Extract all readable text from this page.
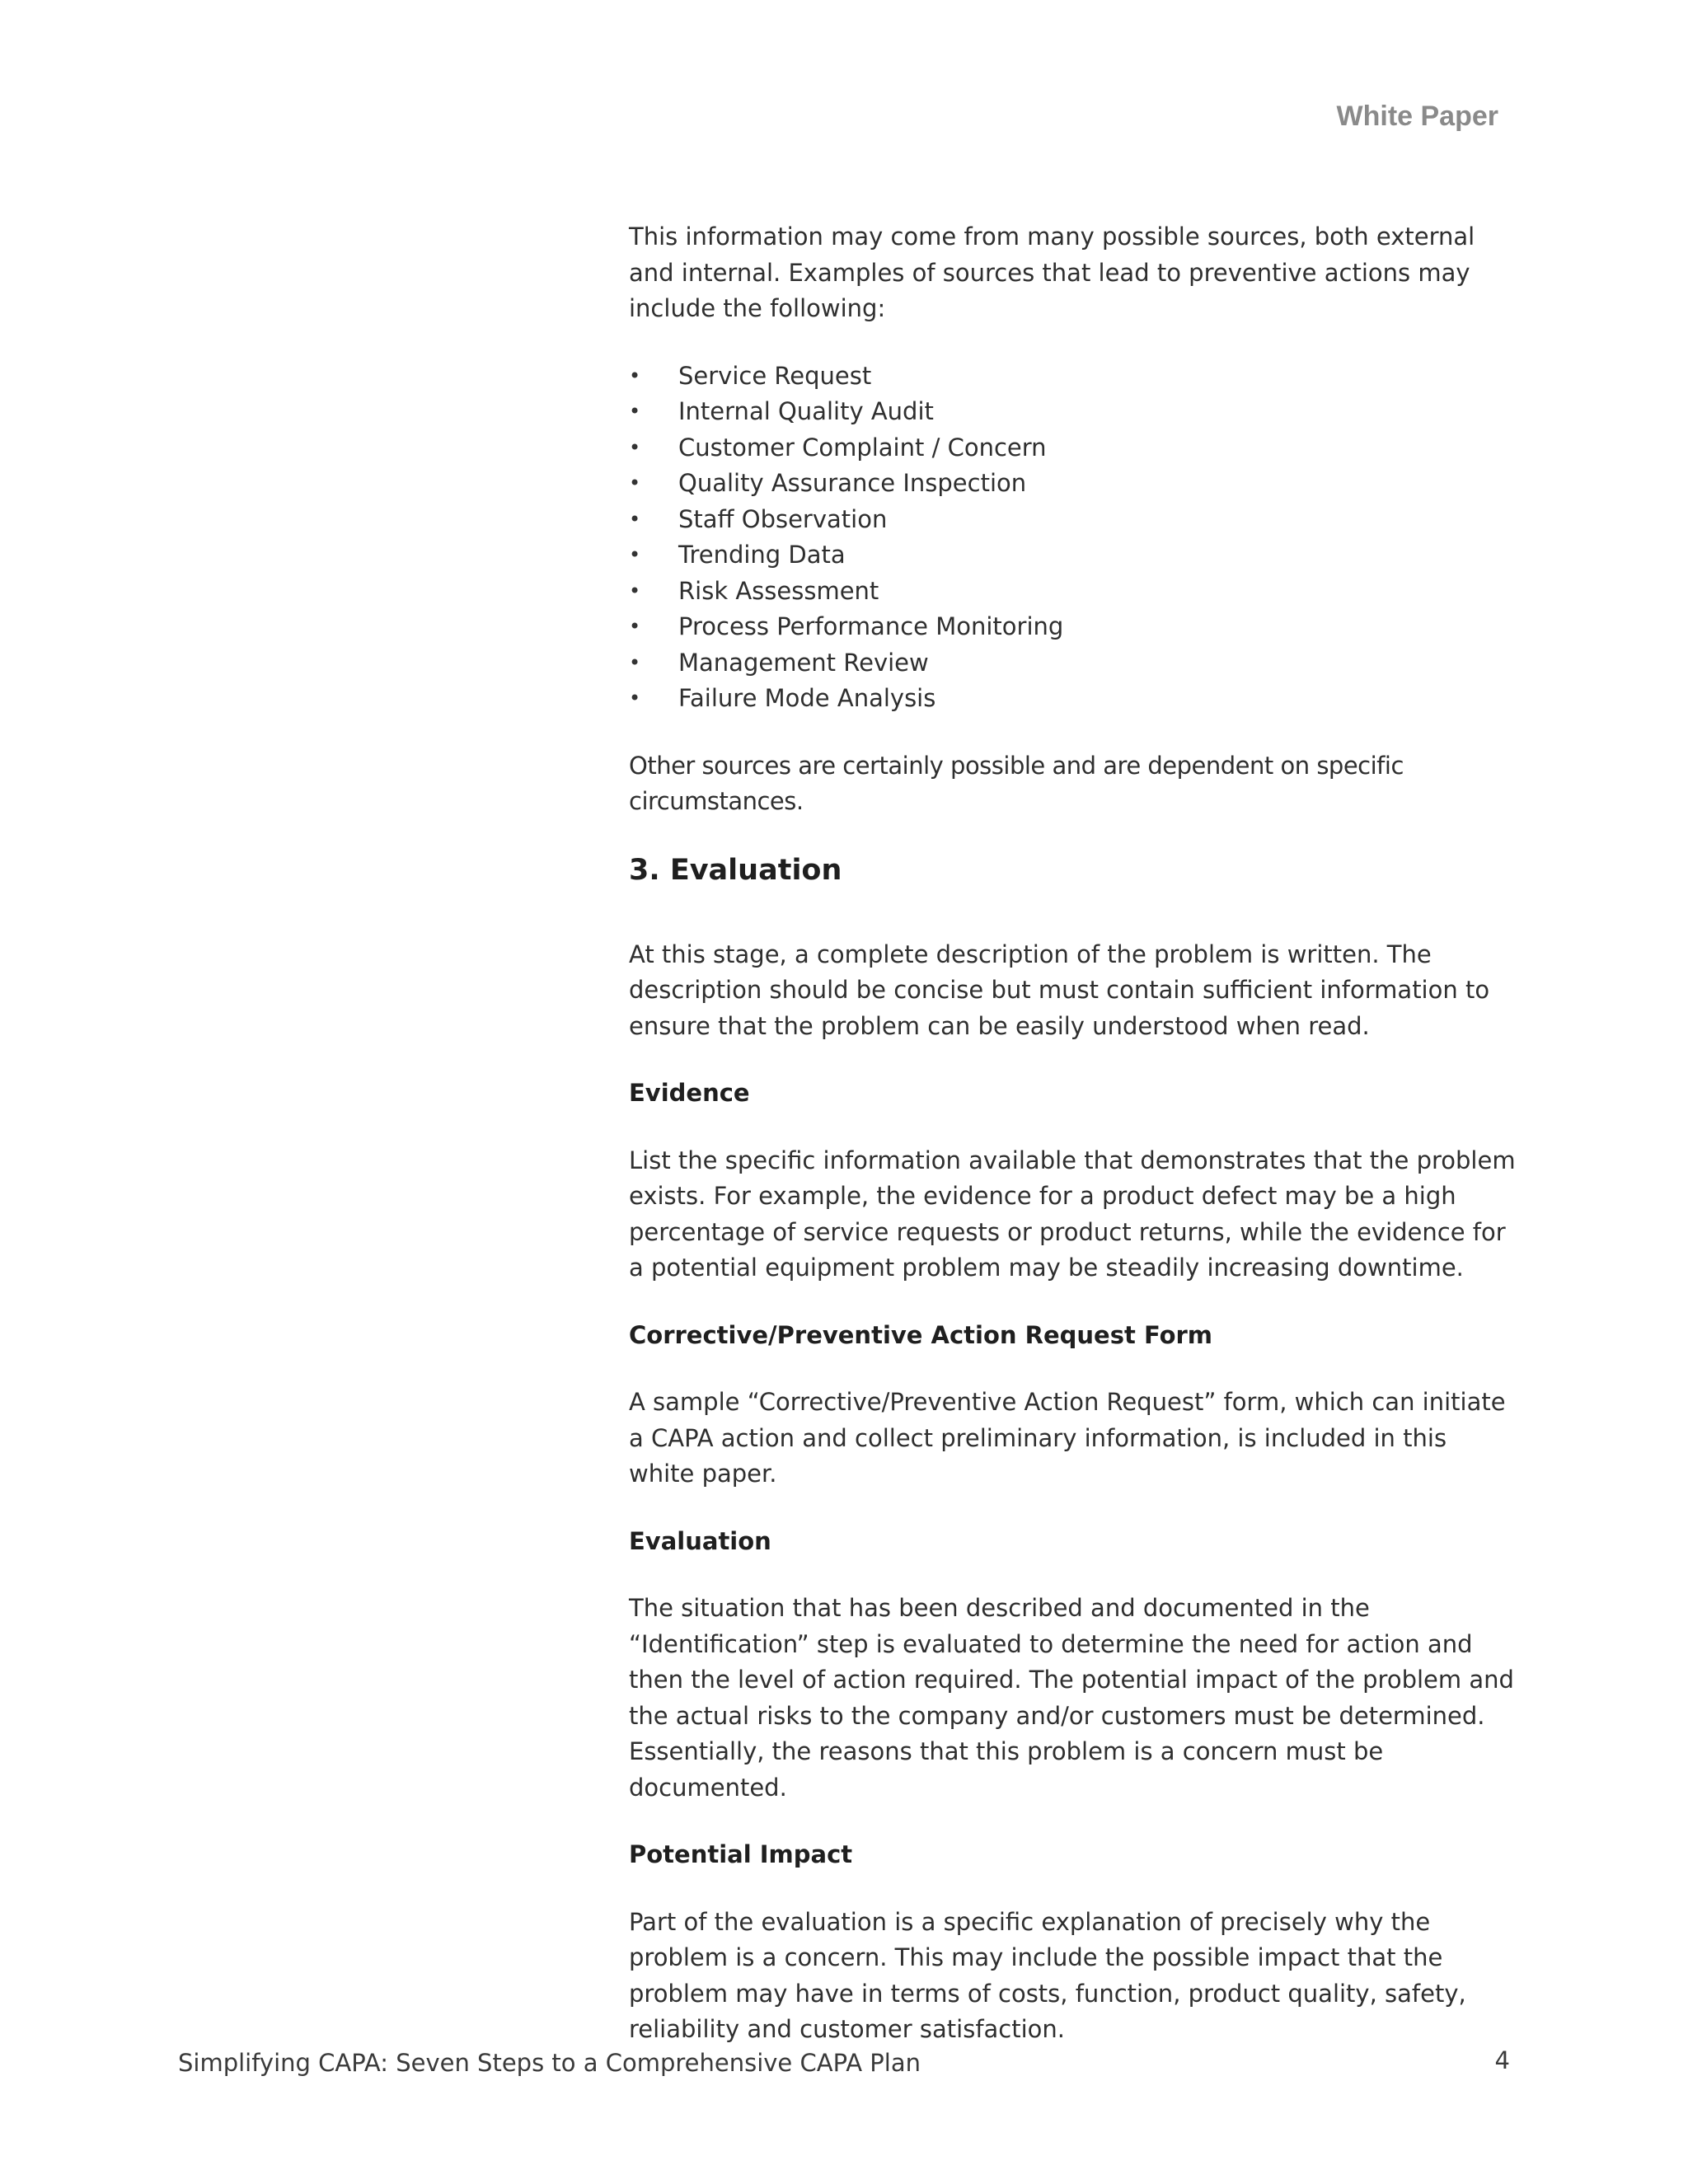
White Paper

This information may come from many possible sources, both external and internal. Examples of sources that lead to preventive actions may include the following:

• Service Request
• Internal Quality Audit
• Customer Complaint / Concern
• Quality Assurance Inspection
• Staff Observation
• Trending Data
• Risk Assessment
• Process Performance Monitoring
• Management Review
• Failure Mode Analysis

Other sources are certainly possible and are dependent on specific circumstances.

3. Evaluation

At this stage, a complete description of the problem is written. The description should be concise but must contain sufficient information to ensure that the problem can be easily understood when read.

Evidence

List the specific information available that demonstrates that the problem exists. For example, the evidence for a product defect may be a high percentage of service requests or product returns, while the evidence for a potential equipment problem may be steadily increasing downtime.

Corrective/Preventive Action Request Form

A sample “Corrective/Preventive Action Request” form, which can initiate a CAPA action and collect preliminary information, is included in this white paper.

Evaluation

The situation that has been described and documented in the “Identification” step is evaluated to determine the need for action and then the level of action required. The potential impact of the problem and the actual risks to the company and/or customers must be determined. Essentially, the reasons that this problem is a concern must be documented.

Potential Impact

Part of the evaluation is a specific explanation of precisely why the problem is a concern. This may include the possible impact that the problem may have in terms of costs, function, product quality, safety, reliability and customer satisfaction.

Simplifying CAPA: Seven Steps to a Comprehensive CAPA Plan	4
